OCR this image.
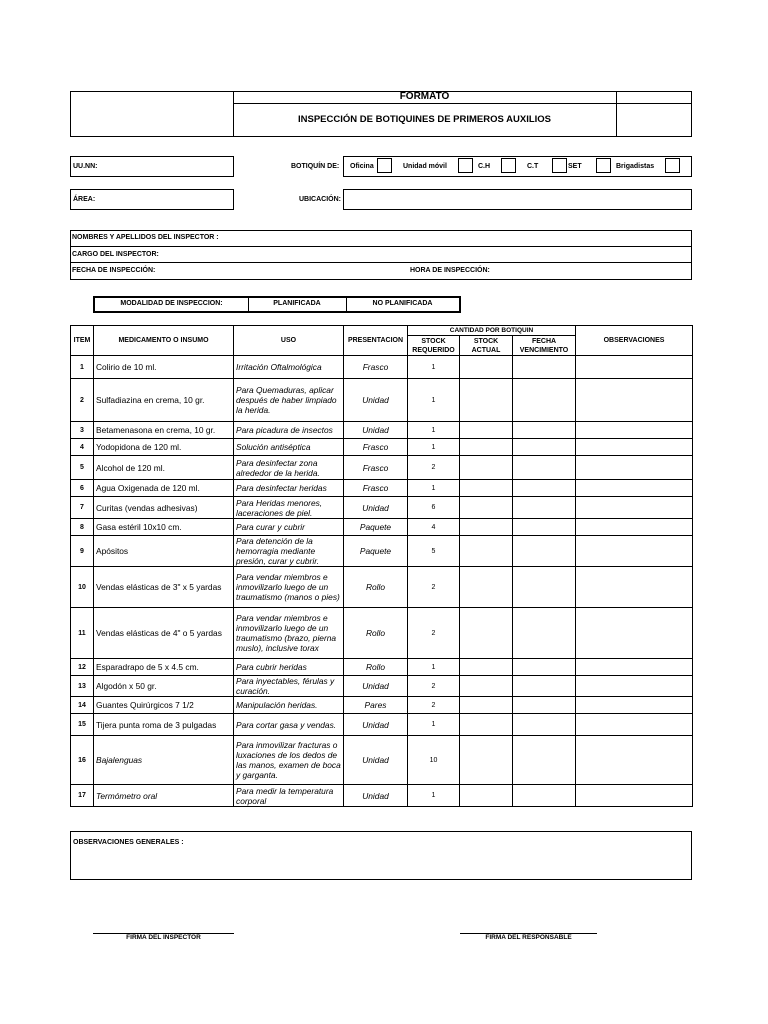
FORMATO
INSPECCIÓN DE BOTIQUINES DE PRIMEROS AUXILIOS
UU.NN:	BOTIQUÍN DE: Oficina	Unidad móvil	C.H	C.T	SET	Brigadistas
ÁREA:	UBICACIÓN:
NOMBRES Y APELLIDOS DEL INSPECTOR :
CARGO DEL INSPECTOR:
FECHA DE INSPECCIÓN:	HORA DE INSPECCIÓN:
MODALIDAD DE INSPECCION:	PLANIFICADA	NO PLANIFICADA
ITEM	MEDICAMENTO O INSUMO	USO	PRESENTACION	CANTIDAD POR BOTIQUIN			OBSERVACIONES
				STOCK REQUERIDO	STOCK ACTUAL	FECHA VENCIMIENTO	
1	Colirio de 10 ml.	Irritación Oftalmológica	Frasco	1			
2	Sulfadiazina en crema, 10 gr.	Para Quemaduras, aplicar después de haber limpiado la herida.	Unidad	1			
3	Betamenasona en crema, 10 gr.	Para picadura de insectos	Unidad	1			
4	Yodopidona de 120 ml.	Solución antiséptica	Frasco	1			
5	Alcohol de 120 ml.	Para desinfectar zona alrededor de la herida.	Frasco	2			
6	Agua Oxigenada de 120 ml.	Para desinfectar heridas	Frasco	1			
7	Curitas (vendas adhesivas)	Para Heridas menores, laceraciones de piel.	Unidad	6			
8	Gasa estéril 10x10 cm.	Para curar y cubrir	Paquete	4			
9	Apósitos	Para detención de la hemorragia mediante presión, curar y cubrir.	Paquete	5			
10	Vendas elásticas de 3" x 5 yardas	Para vendar miembros e inmovilizarlo luego de un traumatismo (manos o pies)	Rollo	2			
11	Vendas elásticas de 4" o 5 yardas	Para vendar miembros e inmovilizarlo luego de un traumatismo (brazo, pierna muslo), inclusive torax	Rollo	2			
12	Esparadrapo de 5 x 4.5 cm.	Para cubrir heridas	Rollo	1			
13	Algodón x 50 gr.	Para inyectables, férulas y curación.	Unidad	2			
14	Guantes Quirúrgicos 7 1/2	Manipulación heridas.	Pares	2			
15	Tijera punta roma de 3 pulgadas	Para cortar gasa y vendas.	Unidad	1			
16	Bajalenguas	Para inmovilizar fracturas o luxaciones de los dedos de las manos, examen de boca y garganta.	Unidad	10			
17	Termómetro oral	Para medir la temperatura corporal	Unidad	1			
OBSERVACIONES GENERALES :
FIRMA DEL INSPECTOR	FIRMA DEL RESPONSABLE
